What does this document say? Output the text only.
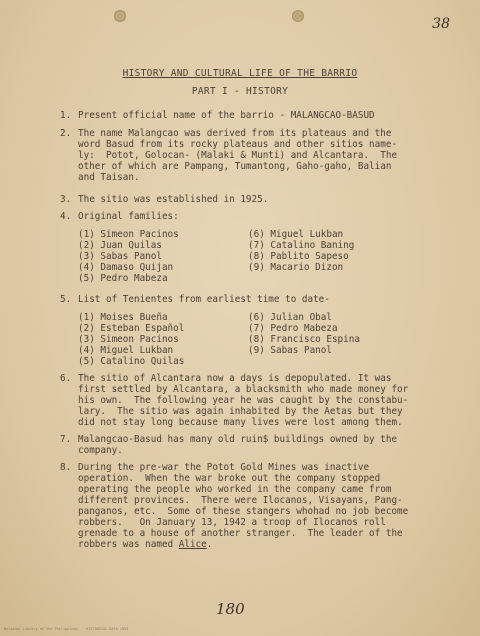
38
HISTORY AND CULTURAL LIFE OF THE BARRIO
PART I - HISTORY
1. Present official name of the barrio - MALANGCAO-BASUD
2. The name Malangcao was derived from its plateaus and the
word Basud from its rocky plateaus and other sitios name-
ly:  Potot, Golocan- (Malaki & Munti) and Alcantara.  The
other of which are Pampang, Tumantong, Gaho-gaho, Balian
and Taisan.
3. The sitio was established in 1925.
4. Original families:
(1) Simeon Pacinos
(2) Juan Quilas
(3) Sabas Panol
(4) Damaso Quijan
(5) Pedro Mabeza
(6) Miguel Lukban
(7) Catalino Baning
(8) Pablito Sapeso
(9) Macario Dizon
5. List of Tenientes from earliest time to date-
(1) Moises Bueña
(2) Esteban Español
(3) Simeon Pacinos
(4) Miguel Lukban
(5) Catalino Quilas
(6) Julian Obal
(7) Pedro Mabeza
(8) Francisco Espina
(9) Sabas Panol
6. The sitio of Alcantara now a days is depopulated. It was
first settled by Alcantara, a blacksmith who made money for
his own.  The following year he was caught by the constabu-
lary.  The sitio was again inhabited by the Aetas but they
did not stay long because many lives were lost among them.
7. Malangcao-Basud has many old ruin$ buildings owned by the
company.
8. During the pre-war the Potot Gold Mines was inactive
operation.  When the war broke out the company stopped
operating the people who worked in the company came from
different provinces.  There were Ilocanos, Visayans, Pang-
panganos, etc.  Some of these stangers whohad no job become
robbers.   On January 13, 1942 a troop of Ilocanos roll
grenade to a house of another stranger.  The leader of the
robbers was named Alice.
180
National Library of the Philippines    HISTORICAL DATA 1953
